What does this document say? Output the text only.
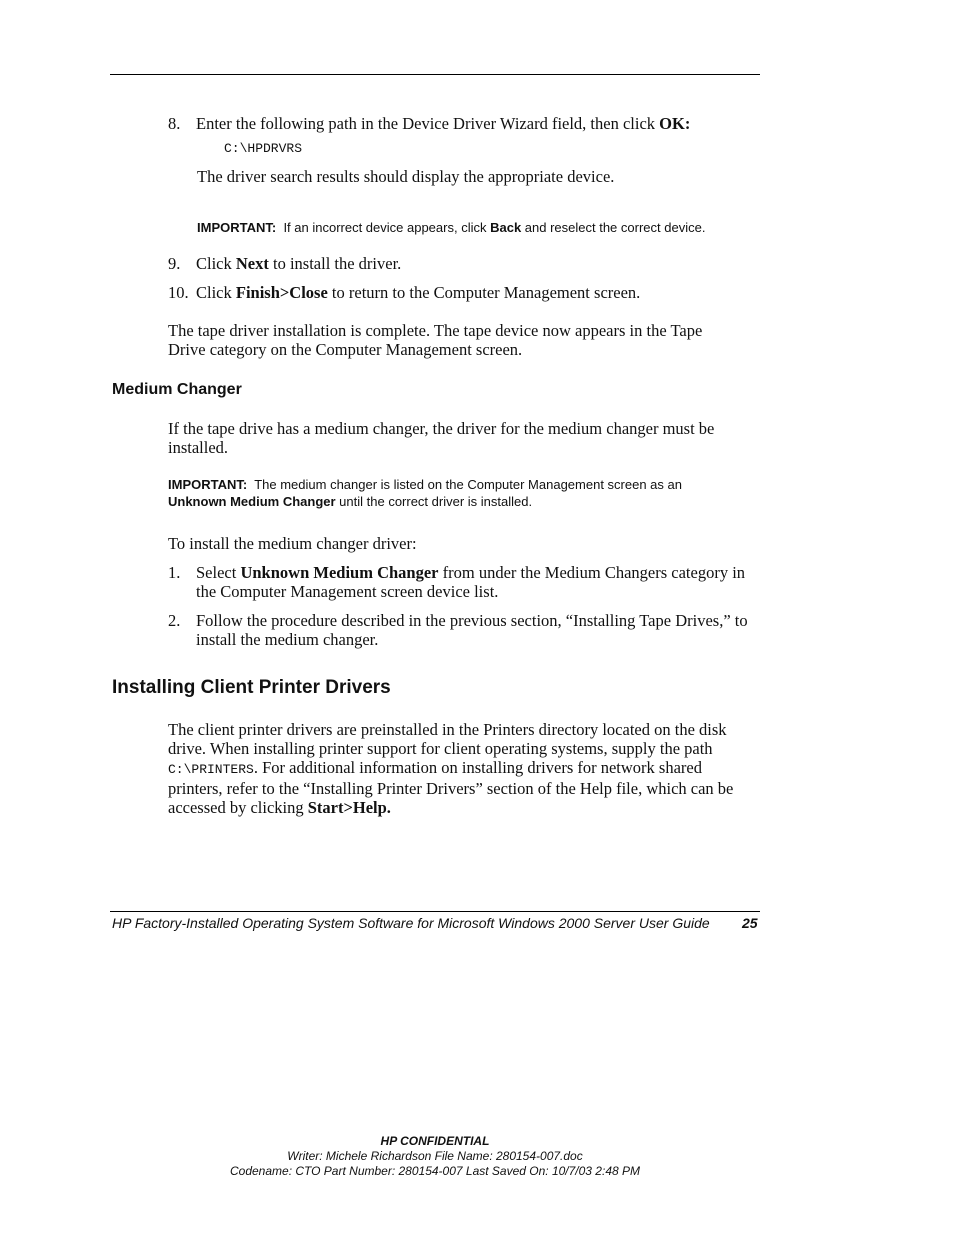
8. Enter the following path in the Device Driver Wizard field, then click OK:
C:\HPDRVRS
The driver search results should display the appropriate device.
IMPORTANT: If an incorrect device appears, click Back and reselect the correct device.
9. Click Next to install the driver.
10. Click Finish>Close to return to the Computer Management screen.
The tape driver installation is complete. The tape device now appears in the Tape Drive category on the Computer Management screen.
Medium Changer
If the tape drive has a medium changer, the driver for the medium changer must be installed.
IMPORTANT: The medium changer is listed on the Computer Management screen as an
Unknown Medium Changer until the correct driver is installed.
To install the medium changer driver:
1. Select Unknown Medium Changer from under the Medium Changers category in the Computer Management screen device list.
2. Follow the procedure described in the previous section, “Installing Tape Drives,” to install the medium changer.
Installing Client Printer Drivers
The client printer drivers are preinstalled in the Printers directory located on the disk drive. When installing printer support for client operating systems, supply the path C:\PRINTERS. For additional information on installing drivers for network shared printers, refer to the “Installing Printer Drivers” section of the Help file, which can be accessed by clicking Start>Help.
HP Factory-Installed Operating System Software for Microsoft Windows 2000 Server User Guide 25
HP CONFIDENTIAL
Writer: Michele Richardson File Name: 280154-007.doc
Codename: CTO Part Number: 280154-007 Last Saved On: 10/7/03 2:48 PM
